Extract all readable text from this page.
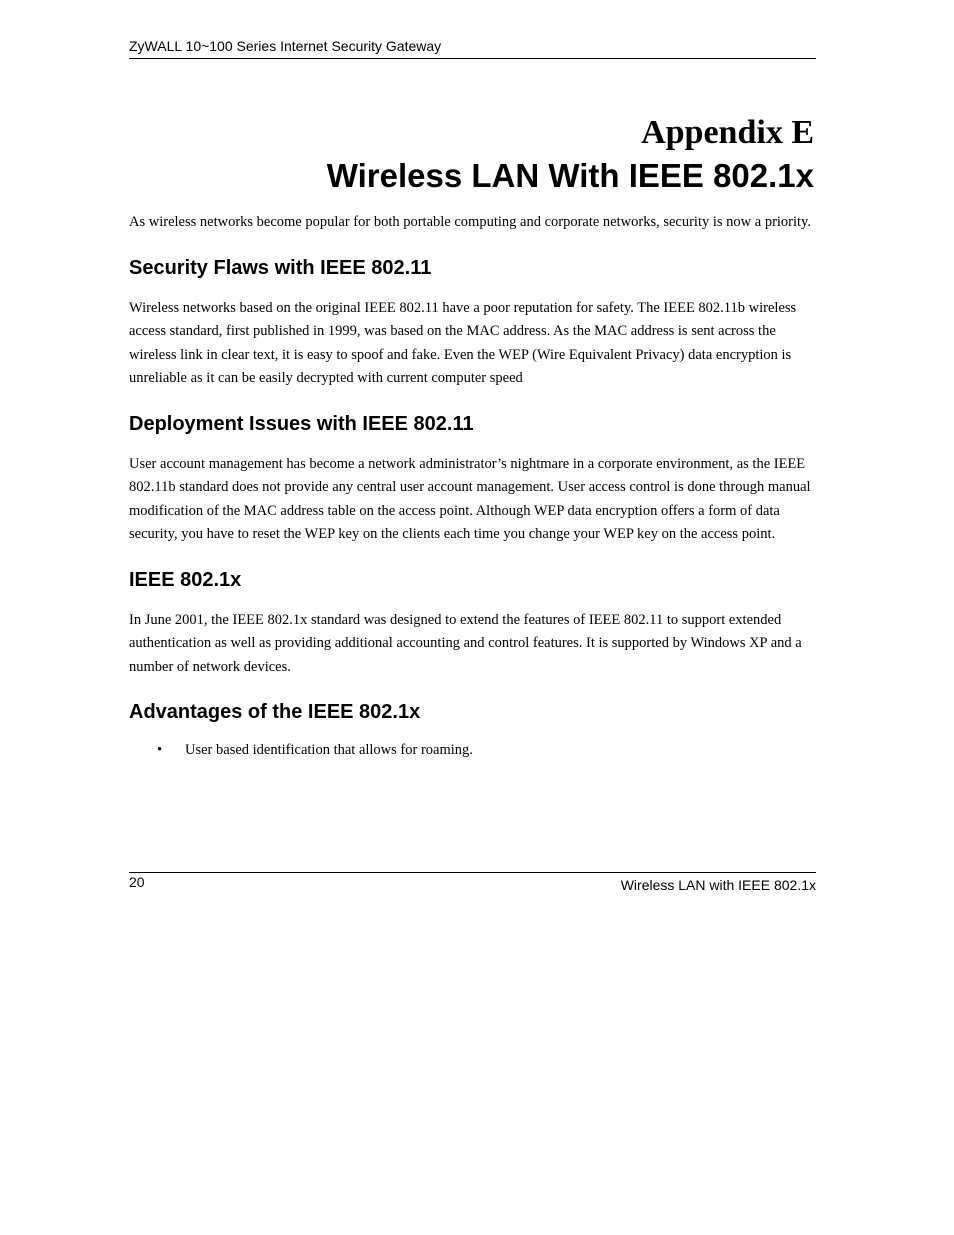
ZyWALL 10~100 Series Internet Security Gateway
Appendix E
Wireless LAN With IEEE 802.1x

As wireless networks become popular for both portable computing and corporate networks, security is now a priority.

Security Flaws with IEEE 802.11

Wireless networks based on the original IEEE 802.11 have a poor reputation for safety. The IEEE 802.11b wireless access standard, first published in 1999, was based on the MAC address. As the MAC address is sent across the wireless link in clear text, it is easy to spoof and fake. Even the WEP (Wire Equivalent Privacy) data encryption is unreliable as it can be easily decrypted with current computer speed

Deployment Issues with IEEE 802.11

User account management has become a network administrator’s nightmare in a corporate environment, as the IEEE 802.11b standard does not provide any central user account management. User access control is done through manual modification of the MAC address table on the access point. Although WEP data encryption offers a form of data security, you have to reset the WEP key on the clients each time you change your WEP key on the access point.

IEEE 802.1x

In June 2001, the IEEE 802.1x standard was designed to extend the features of IEEE 802.11 to support extended authentication as well as providing additional accounting and control features. It is supported by Windows XP and a number of network devices.

Advantages of the IEEE 802.1x
• User based identification that allows for roaming.
20	Wireless LAN with IEEE 802.1x
